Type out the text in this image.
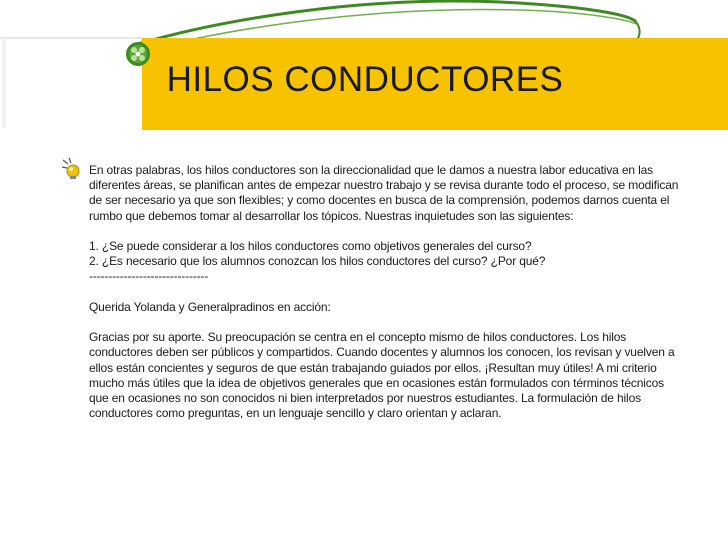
HILOS CONDUCTORES

En otras palabras, los hilos conductores son la direccionalidad que le damos a nuestra labor educativa en las
diferentes áreas, se planifican antes de empezar nuestro trabajo y se revisa durante todo el proceso, se modifican
de ser necesario ya que son flexibles; y como docentes en busca de la comprensión, podemos darnos cuenta el
rumbo que debemos tomar al desarrollar los tópicos. Nuestras inquietudes son las siguientes:

1. ¿Se puede considerar a los hilos conductores como objetivos generales del curso?
2. ¿Es necesario que los alumnos conozcan los hilos conductores del curso? ¿Por qué?
-------------------------------

Querida Yolanda y Generalpradinos en acción:

Gracias por su aporte. Su preocupación se centra en el concepto mismo de hilos conductores. Los hilos
conductores deben ser públicos y compartidos. Cuando docentes y alumnos los conocen, los revisan y vuelven a
ellos están concientes y seguros de que están trabajando guiados por ellos. ¡Resultan muy útiles! A mi criterio
mucho más útiles que la idea de objetivos generales que en ocasiones están formulados con términos técnicos
que en ocasiones no son conocidos ni bien interpretados por nuestros estudiantes. La formulación de hilos
conductores como preguntas, en un lenguaje sencillo y claro orientan y aclaran.
